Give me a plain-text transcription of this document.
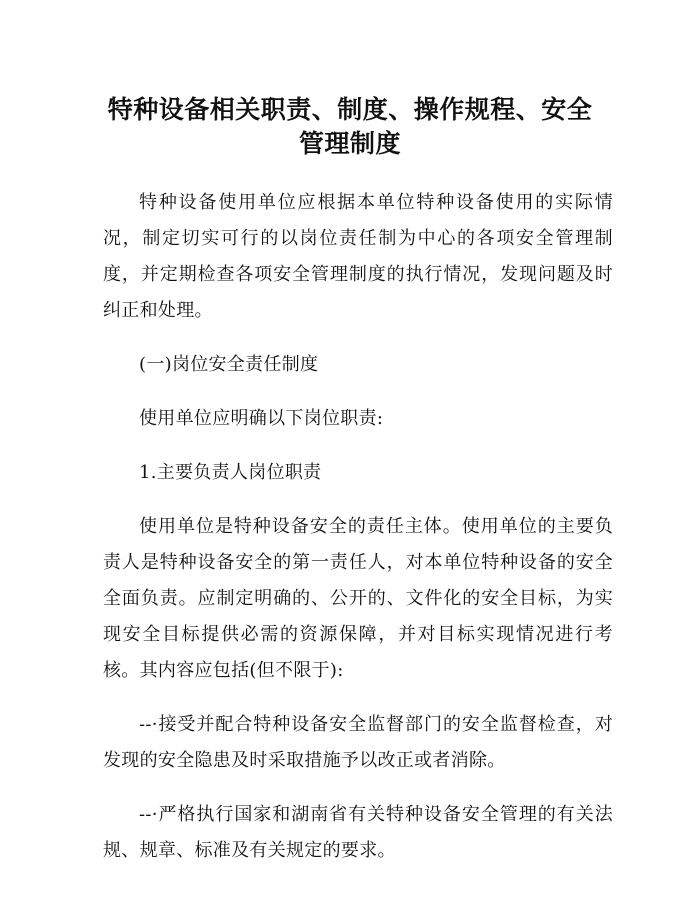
特种设备相关职责、制度、操作规程、安全管理制度

特种设备使用单位应根据本单位特种设备使用的实际情况，制定切实可行的以岗位责任制为中心的各项安全管理制度，并定期检查各项安全管理制度的执行情况，发现问题及时纠正和处理。

(一)岗位安全责任制度

使用单位应明确以下岗位职责:

1.主要负责人岗位职责

使用单位是特种设备安全的责任主体。使用单位的主要负责人是特种设备安全的第一责任人，对本单位特种设备的安全全面负责。应制定明确的、公开的、文件化的安全目标，为实现安全目标提供必需的资源保障，并对目标实现情况进行考核。其内容应包括(但不限于):

--·接受并配合特种设备安全监督部门的安全监督检查，对发现的安全隐患及时采取措施予以改正或者消除。

--·严格执行国家和湖南省有关特种设备安全管理的有关法规、规章、标准及有关规定的要求。
